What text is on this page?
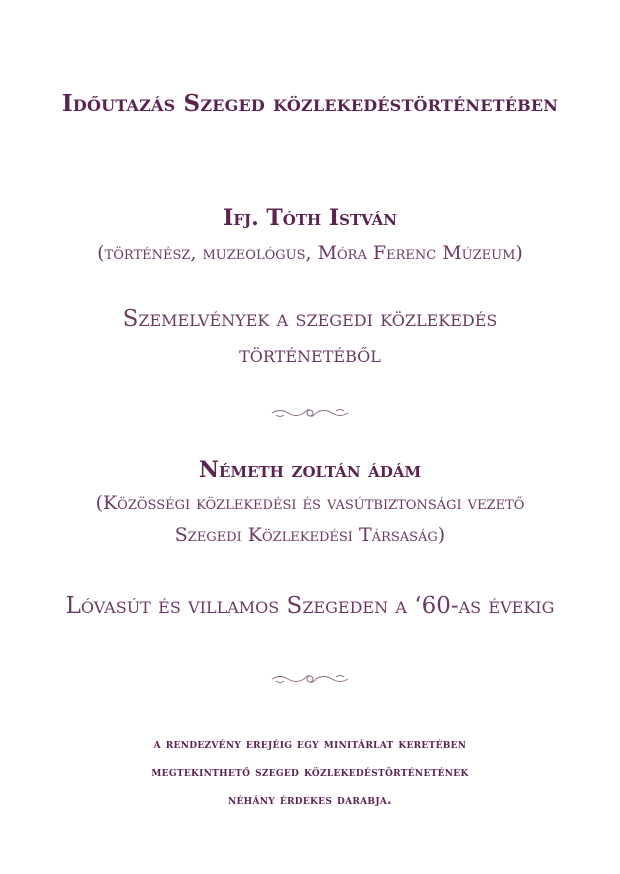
Időutazás Szeged közlekedéstörténetében
Ifj. Tóth István
(történész, muzeológus, Móra Ferenc Múzeum)
Szemelvények a szegedi közlekedés
történetéből
Németh zoltán ádám
(Közösségi közlekedési és vasútbiztonsági vezető
Szegedi Közlekedési Társaság)
Lóvasút és villamos Szegeden a ‘60-as évekig
a rendezvény erejéig egy minitárlat keretében
megtekinthető szeged közlekedéstörténetének
néhány érdekes darabja.
